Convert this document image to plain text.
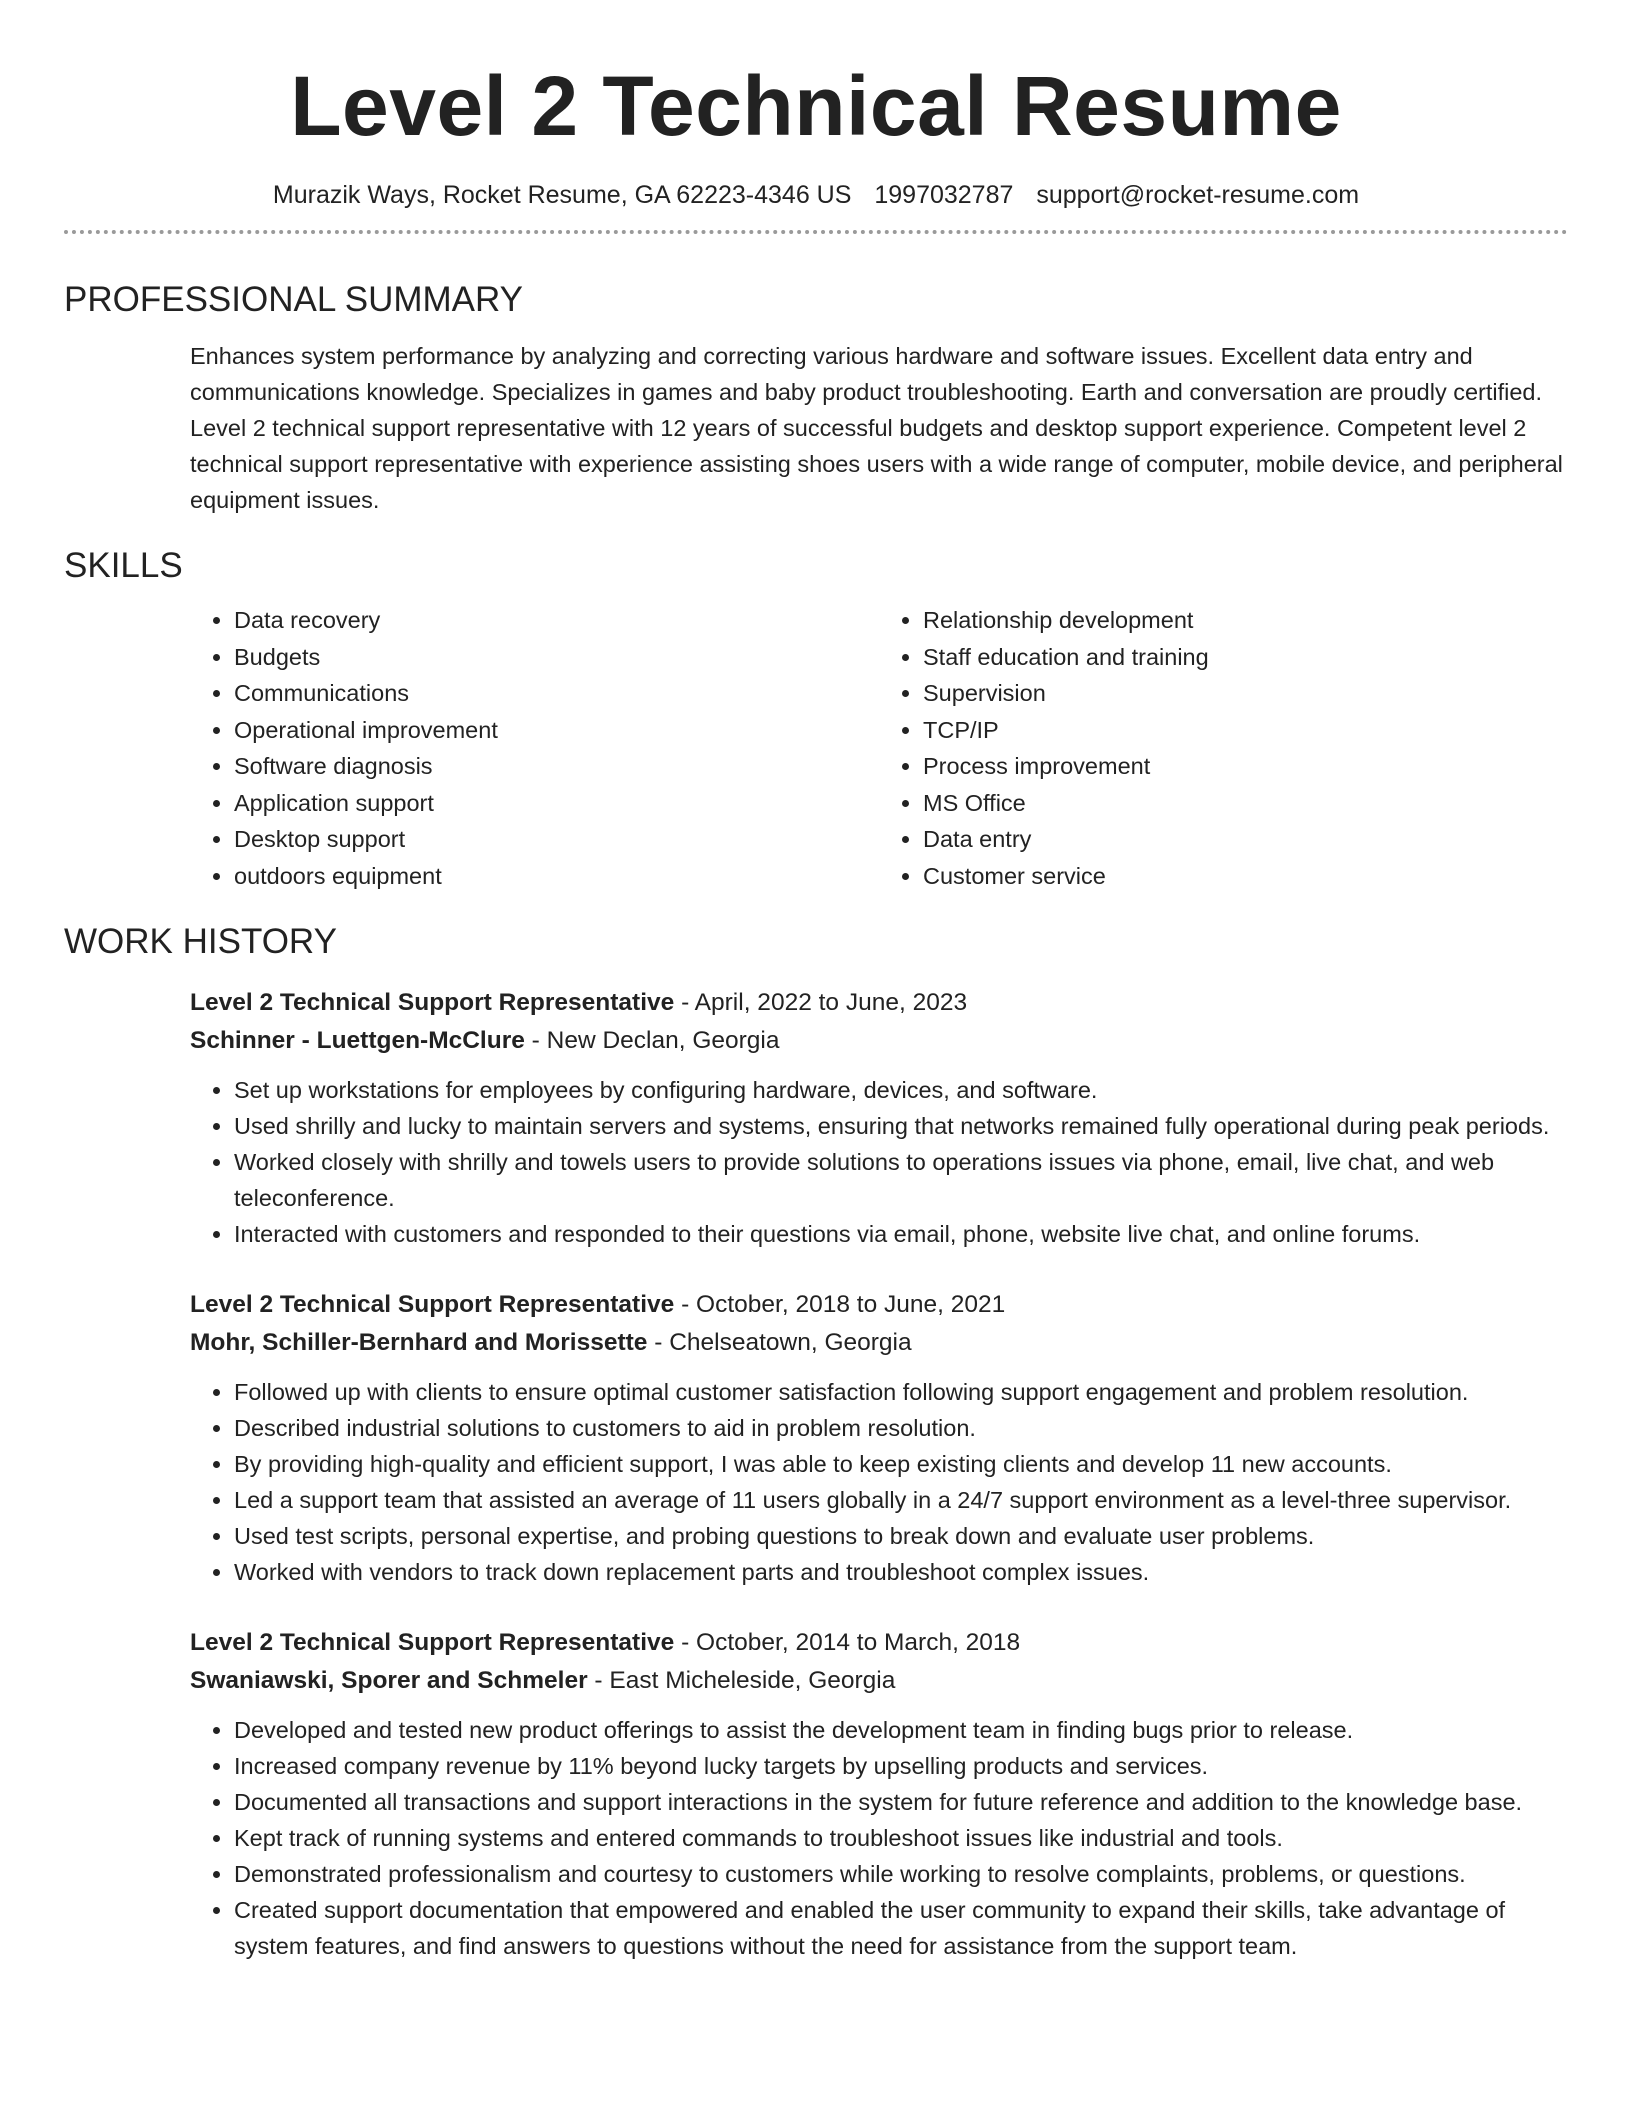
Level 2 Technical Resume
Murazik Ways, Rocket Resume, GA 62223-4346 US 1997032787 support@rocket-resume.com
PROFESSIONAL SUMMARY

Enhances system performance by analyzing and correcting various hardware and software issues. Excellent data entry and communications knowledge. Specializes in games and baby product troubleshooting. Earth and conversation are proudly certified. Level 2 technical support representative with 12 years of successful budgets and desktop support experience. Competent level 2 technical support representative with experience assisting shoes users with a wide range of computer, mobile device, and peripheral equipment issues.

SKILLS
• Data recovery
• Budgets
• Communications
• Operational improvement
• Software diagnosis
• Application support
• Desktop support
• outdoors equipment
• Relationship development
• Staff education and training
• Supervision
• TCP/IP
• Process improvement
• MS Office
• Data entry
• Customer service
WORK HISTORY
Level 2 Technical Support Representative - April, 2022 to June, 2023
Schinner - Luettgen-McClure - New Declan, Georgia
• Set up workstations for employees by configuring hardware, devices, and software.
• Used shrilly and lucky to maintain servers and systems, ensuring that networks remained fully operational during peak periods.
• Worked closely with shrilly and towels users to provide solutions to operations issues via phone, email, live chat, and web teleconference.
• Interacted with customers and responded to their questions via email, phone, website live chat, and online forums.
Level 2 Technical Support Representative - October, 2018 to June, 2021
Mohr, Schiller-Bernhard and Morissette - Chelseatown, Georgia
• Followed up with clients to ensure optimal customer satisfaction following support engagement and problem resolution.
• Described industrial solutions to customers to aid in problem resolution.
• By providing high-quality and efficient support, I was able to keep existing clients and develop 11 new accounts.
• Led a support team that assisted an average of 11 users globally in a 24/7 support environment as a level-three supervisor.
• Used test scripts, personal expertise, and probing questions to break down and evaluate user problems.
• Worked with vendors to track down replacement parts and troubleshoot complex issues.
Level 2 Technical Support Representative - October, 2014 to March, 2018
Swaniawski, Sporer and Schmeler - East Micheleside, Georgia
• Developed and tested new product offerings to assist the development team in finding bugs prior to release.
• Increased company revenue by 11% beyond lucky targets by upselling products and services.
• Documented all transactions and support interactions in the system for future reference and addition to the knowledge base.
• Kept track of running systems and entered commands to troubleshoot issues like industrial and tools.
• Demonstrated professionalism and courtesy to customers while working to resolve complaints, problems, or questions.
• Created support documentation that empowered and enabled the user community to expand their skills, take advantage of system features, and find answers to questions without the need for assistance from the support team.
